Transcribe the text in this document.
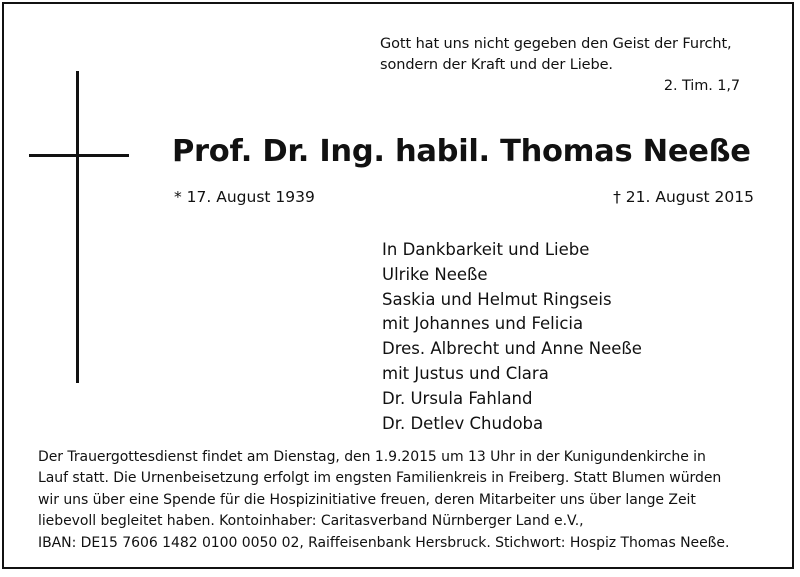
Gott hat uns nicht gegeben den Geist der Furcht,
sondern der Kraft und der Liebe.
2. Tim. 1,7
Prof. Dr. Ing. habil. Thomas Neeße
* 17. August 1939	† 21. August 2015
In Dankbarkeit und Liebe
Ulrike Neeße
Saskia und Helmut Ringseis
mit Johannes und Felicia
Dres. Albrecht und Anne Neeße
mit Justus und Clara
Dr. Ursula Fahland
Dr. Detlev Chudoba
Der Trauergottesdienst findet am Dienstag, den 1.9.2015 um 13 Uhr in der Kunigundenkirche in
Lauf statt. Die Urnenbeisetzung erfolgt im engsten Familienkreis in Freiberg. Statt Blumen würden
wir uns über eine Spende für die Hospizinitiative freuen, deren Mitarbeiter uns über lange Zeit
liebevoll begleitet haben. Kontoinhaber: Caritasverband Nürnberger Land e.V.,
IBAN: DE15 7606 1482 0100 0050 02, Raiffeisenbank Hersbruck. Stichwort: Hospiz Thomas Neeße.
